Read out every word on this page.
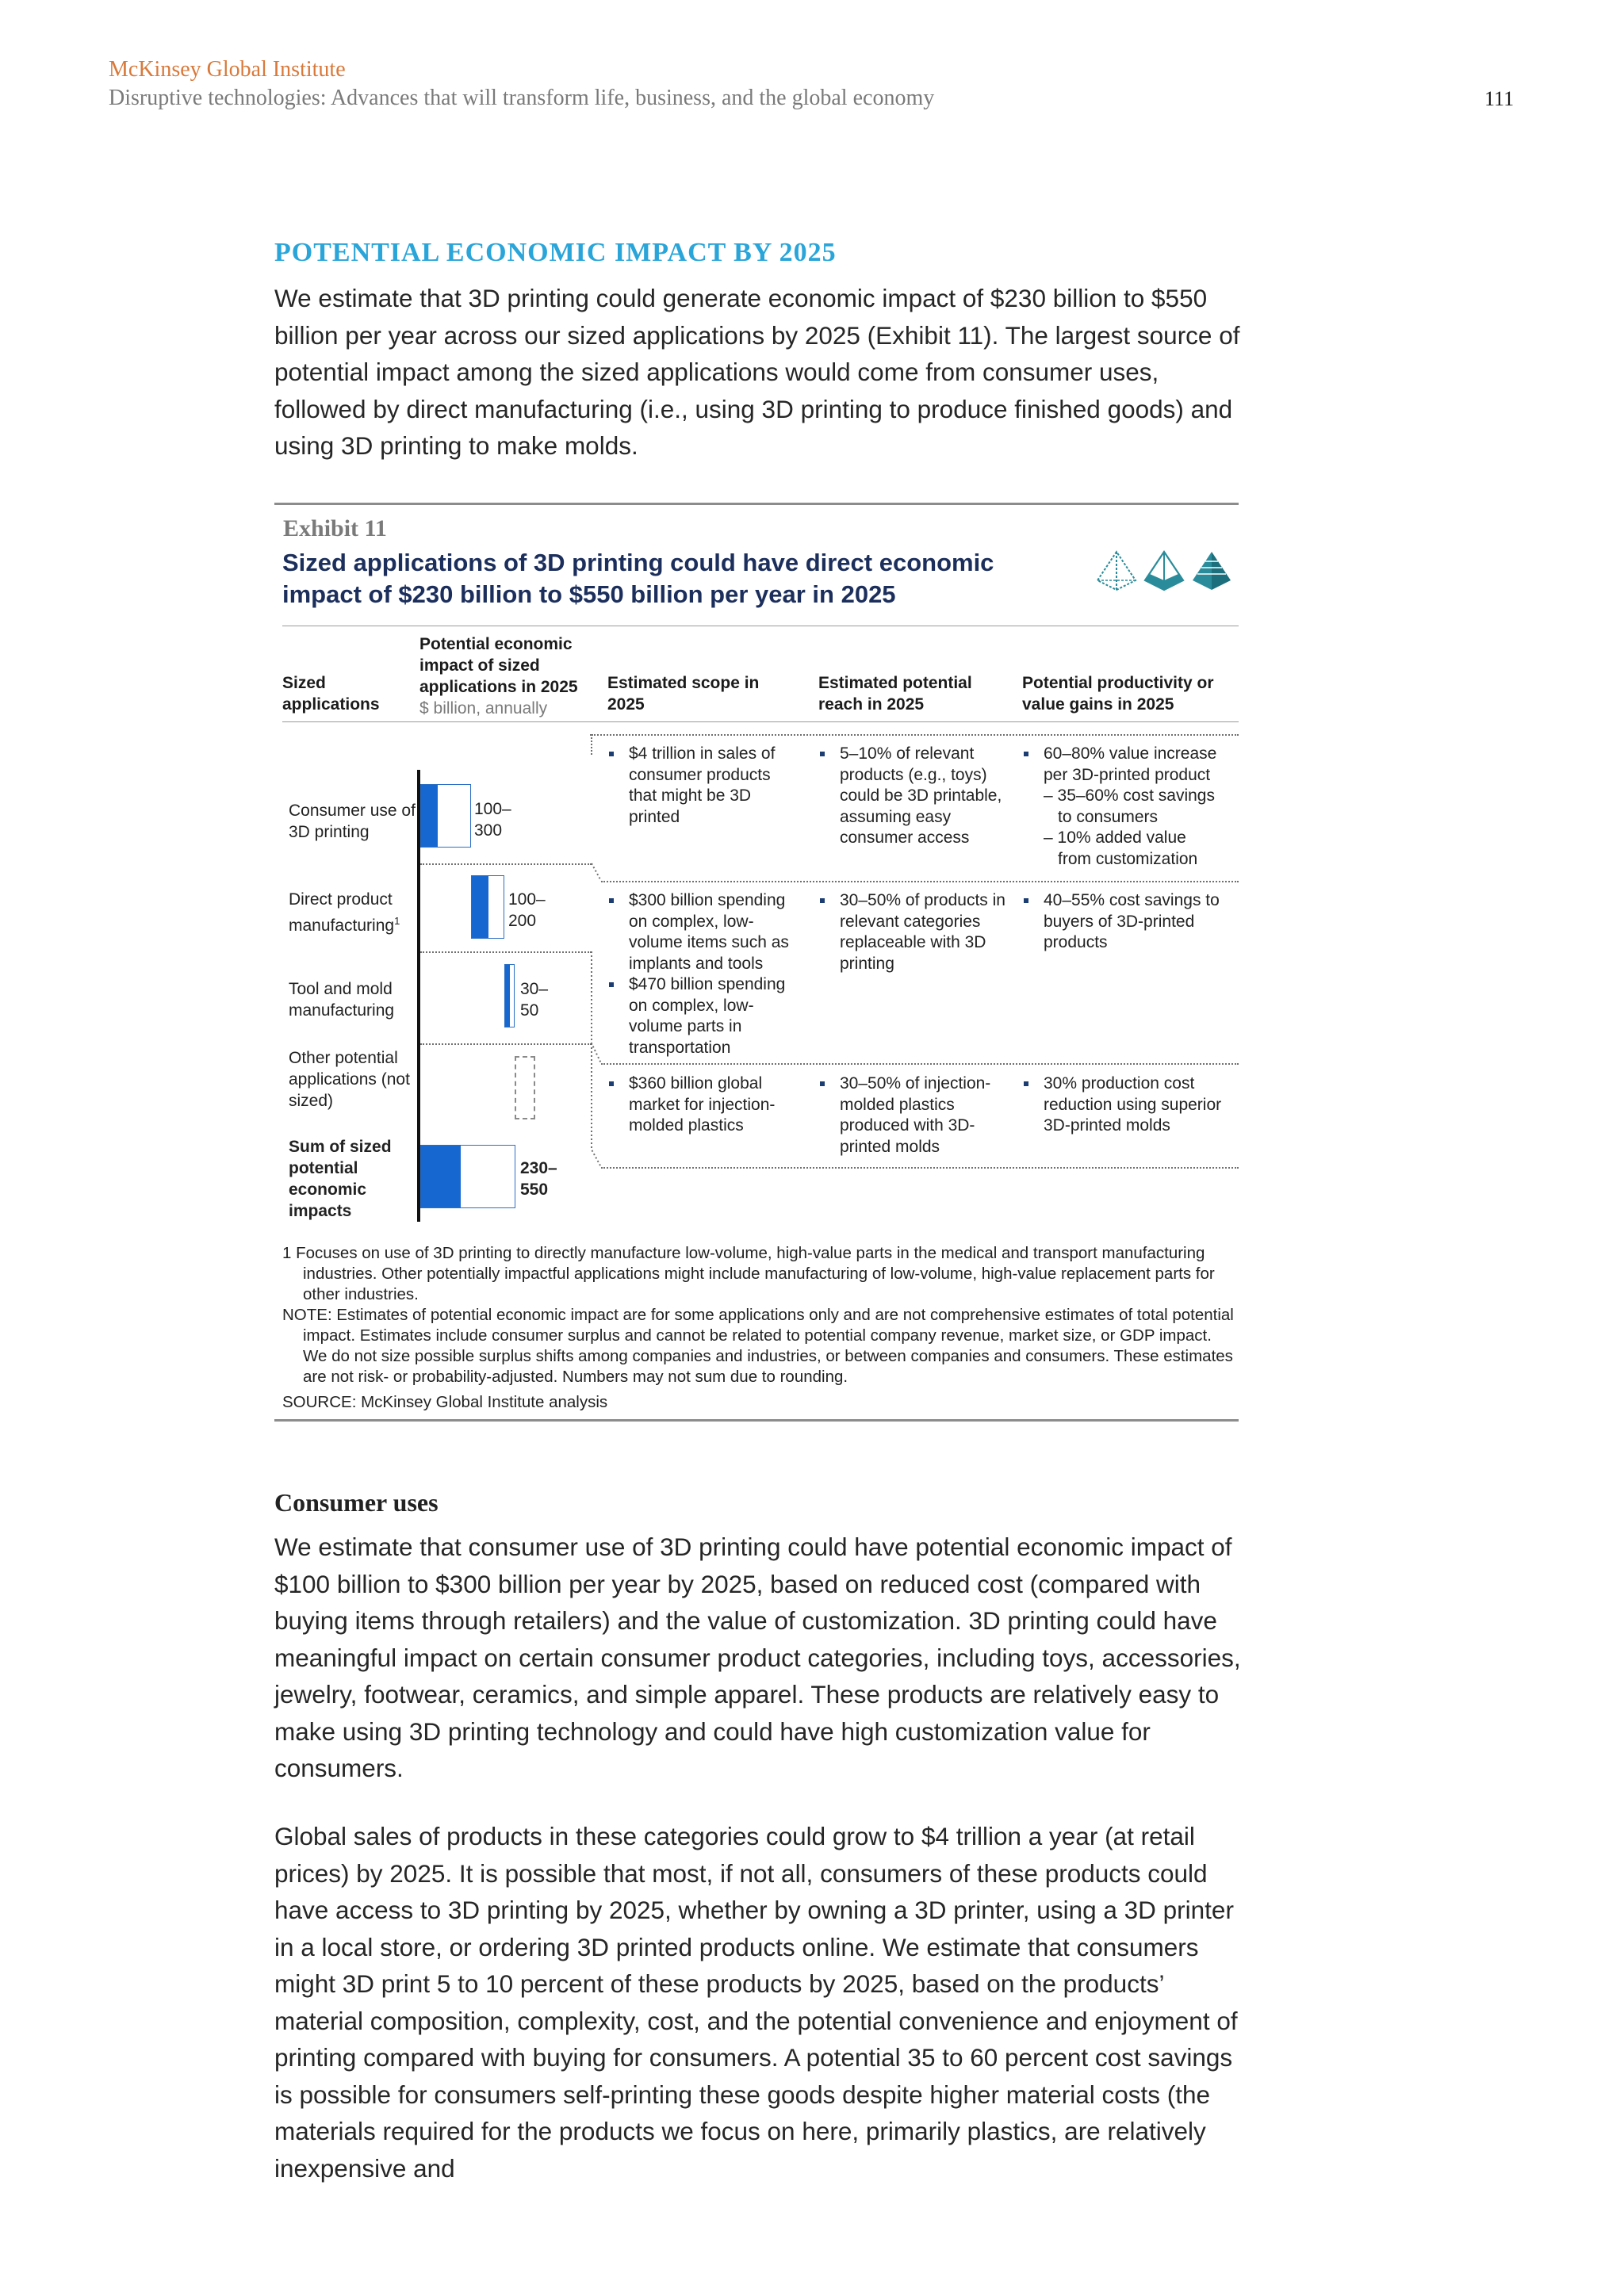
McKinsey Global Institute
Disruptive technologies: Advances that will transform life, business, and the global economy	111
POTENTIAL ECONOMIC IMPACT BY 2025
We estimate that 3D printing could generate economic impact of $230 billion to $550 billion per year across our sized applications by 2025 (Exhibit 11). The largest source of potential impact among the sized applications would come from consumer uses, followed by direct manufacturing (i.e., using 3D printing to produce finished goods) and using 3D printing to make molds.
Exhibit 11
Sized applications of 3D printing could have direct economic impact of $230 billion to $550 billion per year in 2025
Sized applications
Potential economic impact of sized applications in 2025
$ billion, annually
Estimated scope in 2025
Estimated potential reach in 2025
Potential productivity or value gains in 2025
Consumer use of 3D printing
Direct product manufacturing$^1$
Tool and mold manufacturing
Other potential applications (not sized)
Sum of sized potential economic impacts
100– 300
100– 200
30– 50
230– 550

$4 trillion in sales of consumer products that might be 3D printed

5–10% of relevant products (e.g., toys) could be 3D printable, assuming easy consumer access

60–80% value increase per 3D-printed product

– 35–60% cost savings
to consumers
– 10% added value
from customization

$300 billion spending on complex, low-volume items such as implants and tools

$470 billion spending on complex, low-volume parts in transportation

30–50% of products in relevant categories replaceable with 3D printing

40–55% cost savings to buyers of 3D-printed products

$360 billion global market for injection-molded plastics

30–50% of injection-molded plastics produced with 3D-printed molds

30% production cost reduction using superior 3D-printed molds

1 Focuses on use of 3D printing to directly manufacture low-volume, high-value parts in the medical and transport manufacturing industries. Other potentially impactful applications might include manufacturing of low-volume, high-value replacement parts for other industries.
NOTE: Estimates of potential economic impact are for some applications only and are not comprehensive estimates of total potential impact. Estimates include consumer surplus and cannot be related to potential company revenue, market size, or GDP impact. We do not size possible surplus shifts among companies and industries, or between companies and consumers. These estimates are not risk- or probability-adjusted. Numbers may not sum due to rounding.
SOURCE: McKinsey Global Institute analysis
Consumer uses
We estimate that consumer use of 3D printing could have potential economic impact of $100 billion to $300 billion per year by 2025, based on reduced cost (compared with buying items through retailers) and the value of customization. 3D printing could have meaningful impact on certain consumer product categories, including toys, accessories, jewelry, footwear, ceramics, and simple apparel. These products are relatively easy to make using 3D printing technology and could have high customization value for consumers.
Global sales of products in these categories could grow to $4 trillion a year (at retail prices) by 2025. It is possible that most, if not all, consumers of these products could have access to 3D printing by 2025, whether by owning a 3D printer, using a 3D printer in a local store, or ordering 3D printed products online. We estimate that consumers might 3D print 5 to 10 percent of these products by 2025, based on the products’ material composition, complexity, cost, and the potential convenience and enjoyment of printing compared with buying for consumers. A potential 35 to 60 percent cost savings is possible for consumers self-printing these goods despite higher material costs (the materials required for the products we focus on here, primarily plastics, are relatively inexpensive and
